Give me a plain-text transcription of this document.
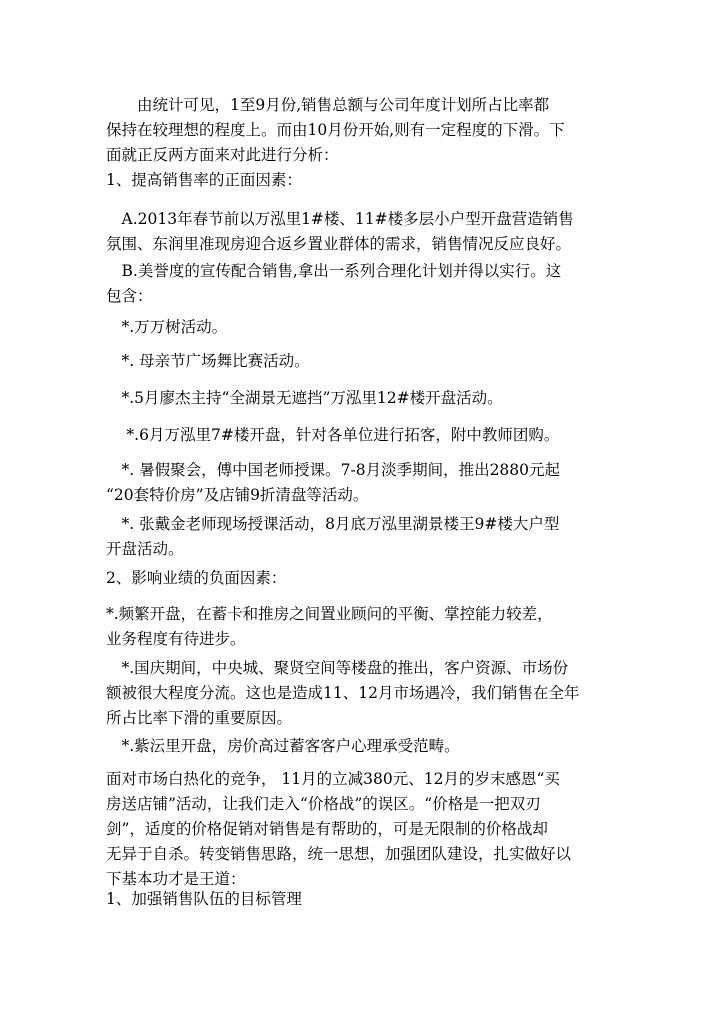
　　由统计可见，1至9月份,销售总额与公司年度计划所占比率都
保持在较理想的程度上。而由10月份开始,则有一定程度的下滑。下
面就正反两方面来对此进行分析：
1、提高销售率的正面因素：
　A.2013年春节前以万泓里1#楼、11#楼多层小户型开盘营造销售
氛围、东润里准现房迎合返乡置业群体的需求，销售情况反应良好。
　B.美誉度的宣传配合销售,拿出一系列合理化计划并得以实行。这
包含：
　*.万万树活动。
　*. 母亲节广场舞比赛活动。
　*.5月廖杰主持“全湖景无遮挡”万泓里12#楼开盘活动。
　 *.6月万泓里7#楼开盘，针对各单位进行拓客，附中教师团购。
　*. 暑假聚会，傅中国老师授课。7-8月淡季期间，推出2880元起
“20套特价房”及店铺9折清盘等活动。
　*. 张戴金老师现场授课活动，8月底万泓里湖景楼王9#楼大户型
开盘活动。
2、影响业绩的负面因素：
*.频繁开盘，在蓄卡和推房之间置业顾问的平衡、掌控能力较差，
业务程度有待进步。
　*.国庆期间，中央城、聚贤空间等楼盘的推出，客户资源、市场份
额被很大程度分流。这也是造成11、12月市场遇冷，我们销售在全年
所占比率下滑的重要原因。
　*.紫沄里开盘，房价高过蓄客客户心理承受范畴。
面对市场白热化的竞争， 11月的立减380元、12月的岁末感恩“买
房送店铺”活动，让我们走入“价格战”的误区。“价格是一把双刃
剑”，适度的价格促销对销售是有帮助的，可是无限制的价格战却
无异于自杀。转变销售思路，统一思想，加强团队建设，扎实做好以
下基本功才是王道：
1、加强销售队伍的目标管理
